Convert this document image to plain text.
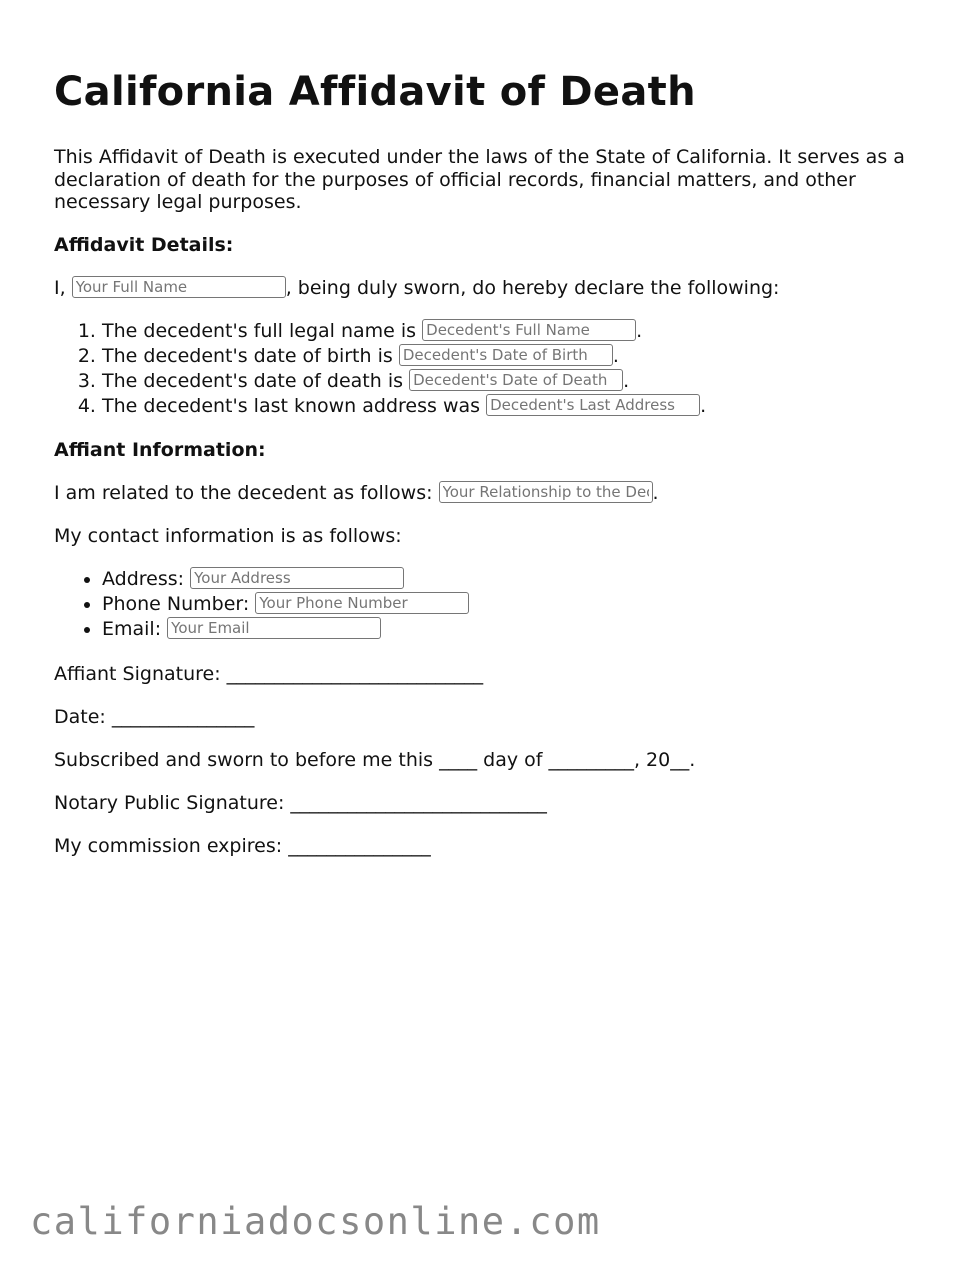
California Affidavit of Death

This Affidavit of Death is executed under the laws of the State of California. It serves as a declaration of death for the purposes of official records, financial matters, and other necessary legal purposes.

Affidavit Details:

I, Your Full Name	, being duly sworn, do hereby declare the following:

1. The decedent's full legal name is Decedent's Full Name	.
2. The decedent's date of birth is Decedent's Date of Birth	.
3. The decedent's date of death is Decedent's Date of Death	.
4. The decedent's last known address was Decedent's Last Address	.
Affiant Information:

I am related to the decedent as follows: Your Relationship to the Decedent	.

My contact information is as follows:

• Address: Your Address
• Phone Number: Your Phone Number
• Email: Your Email

Affiant Signature: ___________________________

Date: _______________

Subscribed and sworn to before me this ____ day of _________, 20__.

Notary Public Signature: ___________________________

My commission expires: _______________

californiadocsonline.com
